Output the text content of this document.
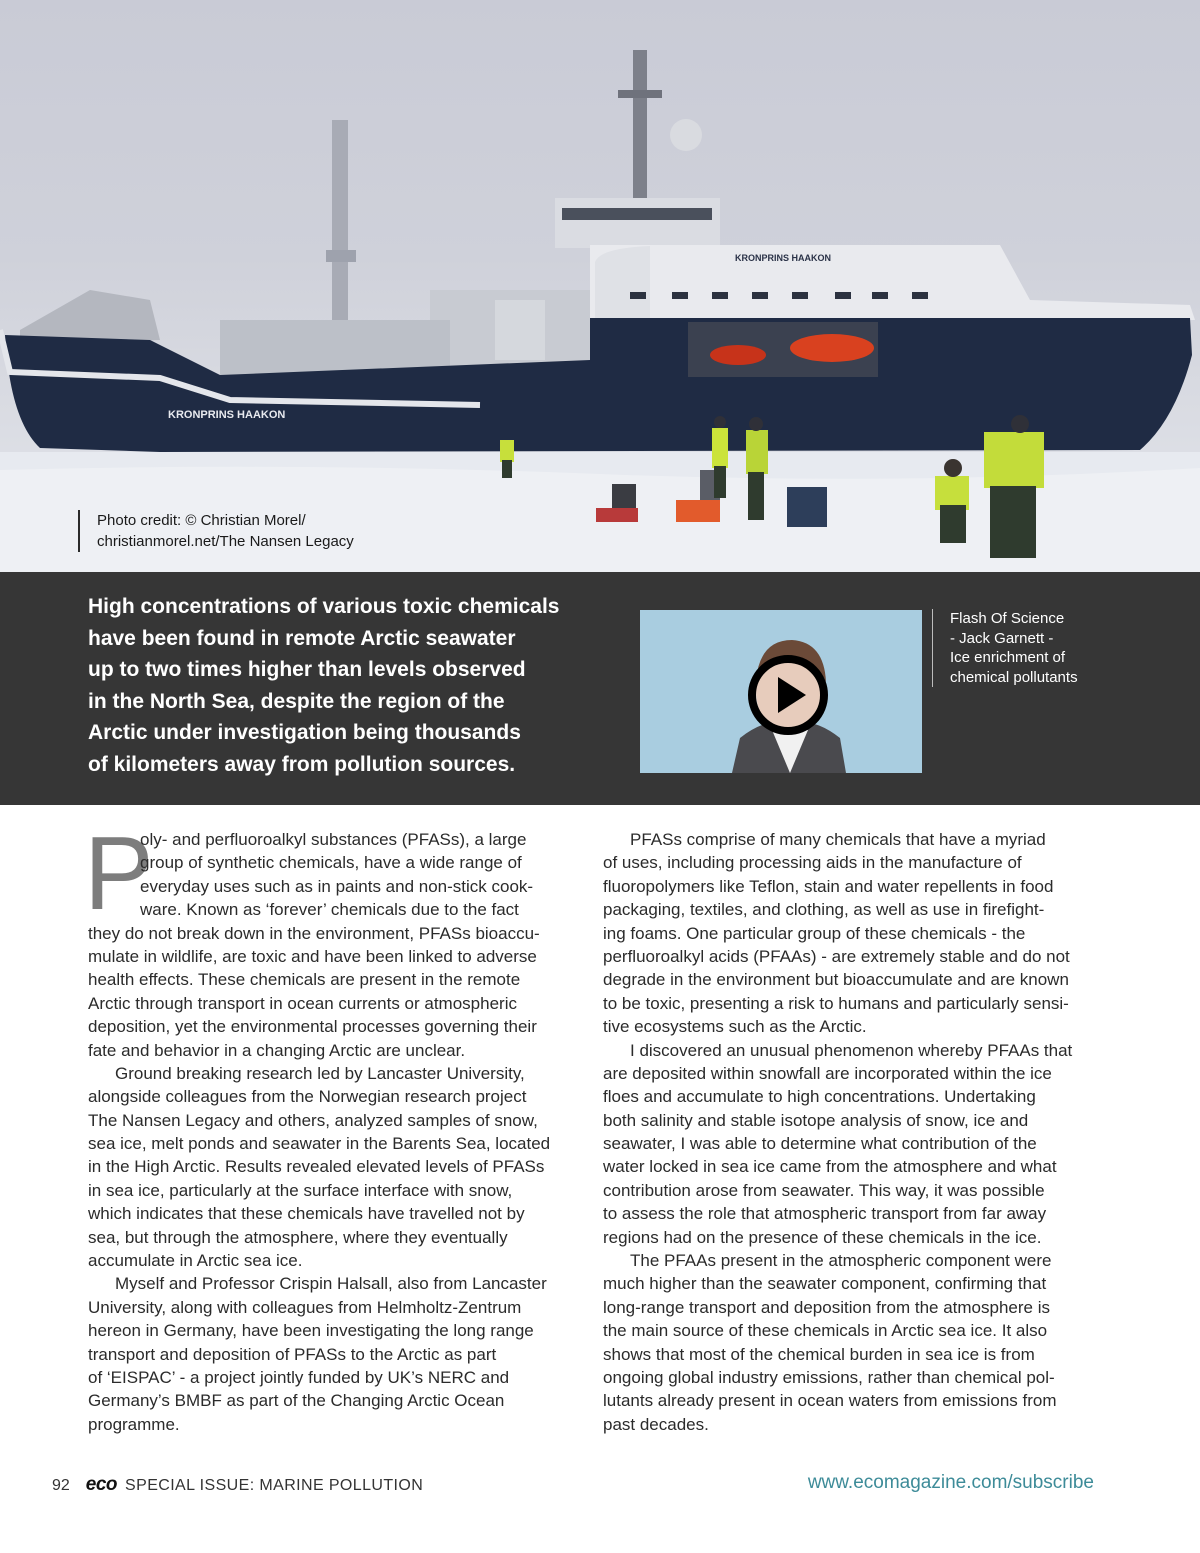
KRONPRINS HAAKON
KRONPRINS HAAKON
Photo credit: © Christian Morel/
christianmorel.net/The Nansen Legacy
High concentrations of various toxic chemicals
have been found in remote Arctic seawater
up to two times higher than levels observed
in the North Sea, despite the region of the
Arctic under investigation being thousands
of kilometers away from pollution sources.
Flash Of Science
- Jack Garnett -
Ice enrichment of
chemical pollutants
P
oly- and perfluoroalkyl substances (PFASs), a large
group of synthetic chemicals, have a wide range of
everyday uses such as in paints and non-stick cook-
ware. Known as ‘forever’ chemicals due to the fact
they do not break down in the environment, PFASs bioaccu-
mulate in wildlife, are toxic and have been linked to adverse
health effects. These chemicals are present in the remote
Arctic through transport in ocean currents or atmospheric
deposition, yet the environmental processes governing their
fate and behavior in a changing Arctic are unclear.
Ground breaking research led by Lancaster University,
alongside colleagues from the Norwegian research project
The Nansen Legacy and others, analyzed samples of snow,
sea ice, melt ponds and seawater in the Barents Sea, located
in the High Arctic. Results revealed elevated levels of PFASs
in sea ice, particularly at the surface interface with snow,
which indicates that these chemicals have travelled not by
sea, but through the atmosphere, where they eventually
accumulate in Arctic sea ice.
Myself and Professor Crispin Halsall, also from Lancaster
University, along with colleagues from Helmholtz-Zentrum
hereon in Germany, have been investigating the long range
transport and deposition of PFASs to the Arctic as part
of ‘EISPAC’ - a project jointly funded by UK’s NERC and
Germany’s BMBF as part of the Changing Arctic Ocean
programme.
PFASs comprise of many chemicals that have a myriad
of uses, including processing aids in the manufacture of
fluoropolymers like Teflon, stain and water repellents in food
packaging, textiles, and clothing, as well as use in firefight-
ing foams. One particular group of these chemicals - the
perfluoroalkyl acids (PFAAs) - are extremely stable and do not
degrade in the environment but bioaccumulate and are known
to be toxic, presenting a risk to humans and particularly sensi-
tive ecosystems such as the Arctic.
I discovered an unusual phenomenon whereby PFAAs that
are deposited within snowfall are incorporated within the ice
floes and accumulate to high concentrations. Undertaking
both salinity and stable isotope analysis of snow, ice and
seawater, I was able to determine what contribution of the
water locked in sea ice came from the atmosphere and what
contribution arose from seawater. This way, it was possible
to assess the role that atmospheric transport from far away
regions had on the presence of these chemicals in the ice.
The PFAAs present in the atmospheric component were
much higher than the seawater component, confirming that
long-range transport and deposition from the atmosphere is
the main source of these chemicals in Arctic sea ice. It also
shows that most of the chemical burden in sea ice is from
ongoing global industry emissions, rather than chemical pol-
lutants already present in ocean waters from emissions from
past decades.
92 eco SPECIAL ISSUE: MARINE POLLUTION	www.ecomagazine.com/subscribe
